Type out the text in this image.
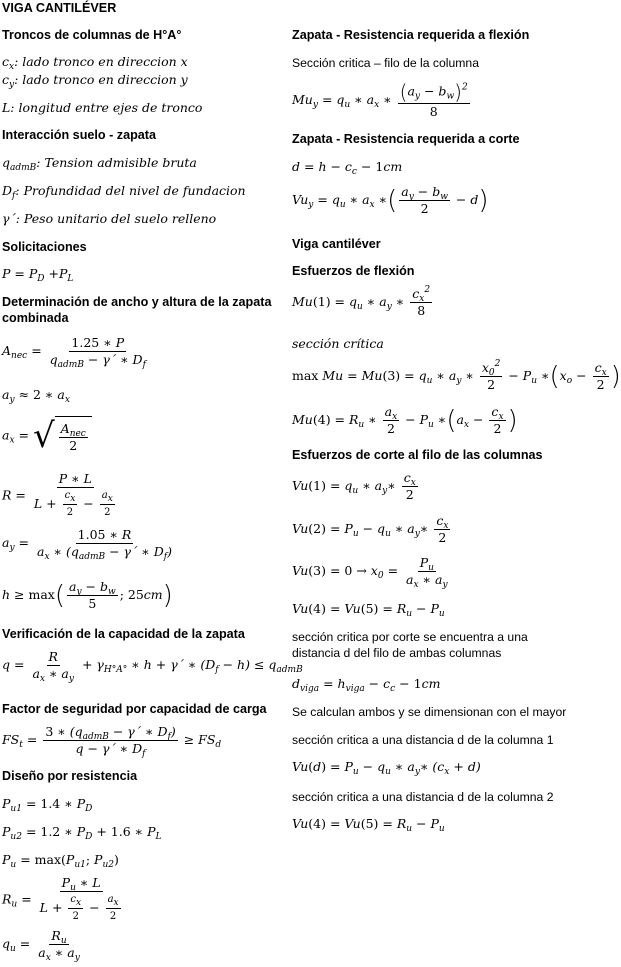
VIGA CANTILÉVER
Troncos de columnas de H°A°
$c_x$: lado tronco en direccion x
$c_y$: lado tronco en direccion y
L: longitud entre ejes de tronco
Interacción suelo - zapata
$q_{admB}$: Tension admisible bruta
$D_f$: Profundidad del nivel de fundacion
γ´: Peso unitario del suelo relleno
Solicitaciones
$P = P_D +P_L$
Determinación de ancho y altura de la zapata combinada
$A_{nec}$ =
1.25 ∗ P
$q_{admB}$ − γ´ ∗ $D_f$
$a_y \approx 2$ ∗ $a_x$
$a_x$ = √ $A_{nec}$
2
$R = \frac{P ∗ L}{L + \frac{c_x}{2} - \frac{a_x}{2}}$
$a_y$ =
1.05 ∗ R
$a_x$ ∗ ($q_{admB}$ − γ´ ∗ $D_f$)
$h \ge \max( \frac{a_y - b_w}{5}$ ; 25cm)
Verificación de la capacidad de la zapata
$q = \frac{R}{a_x ∗ a_y} + \gamma_{H^\circ A^\circ}$ ∗ h + γ´ ∗ $(D_f - h) \le q_{admB}$
Factor de seguridad por capacidad de carga
$FS_t$ =
3 ∗ ($q_{admB}$ − γ´ ∗ $D_f$)
q − γ´ ∗ $D_f$
≥ $FS_d$
Diseño por resistencia
$P_{u1} = 1.4$ ∗ $P_D$
$P_{u2} = 1.2$ ∗ $P_D + 1.6$ ∗ $P_L$
$P_u = \max(P_{u1}$; $P_{u2}$)
$R_u = \frac{P_u ∗ L}{L + \frac{c_x}{2} - \frac{a_x}{2}}$
$q_u = \frac{R_u}{a_x ∗ a_y}$
Zapata - Resistencia requerida a flexión
Sección critica – filo de la columna
$Mu_y = q_u$ ∗ $a_x$ ∗ $\frac{(a_y - b_w)^2}{8}$
Zapata - Resistencia requerida a corte
$d = h - c_c - 1cm$
$Vu_y = q_u$ ∗ $a_x$ ∗( $\frac{a_y - b_w}{2} - d$)
Viga cantiléver
Esfuerzos de flexión
$Mu(1) = q_u$ ∗ $a_y$ ∗ $\frac{c_x^2}{8}$
sección crítica
$\max Mu = Mu(3) = q_u$ ∗ $a_y$ ∗ $\frac{x_0^2}{2} - P_u$ $∗(x_o - \frac{c_x}{2}$ )
$Mu(4) = R_u$ ∗ $\frac{a_x}{2} - P_u$ $∗(a_x - \frac{c_x}{2}$ )
Esfuerzos de corte al filo de las columnas
$Vu(1) = q_u$ ∗ $a_y∗ \frac{c_x}{2}$
$Vu(2) = P_u - q_u$ ∗ $a_y∗ \frac{c_x}{2}$
$Vu(3) = 0 \to x_0 = \frac{P_u}{a_x ∗ a_y}$
$Vu(4) = Vu(5) = R_u - P_u$
sección critica por corte se encuentra a una distancia d del filo de ambas columnas
$d_{viga} = h_{viga} - c_c - 1cm$
Se calculan ambos y se dimensionan con el mayor
sección critica a una distancia d de la columna 1
$Vu(d) = P_u - q_u$ ∗ $a_y∗$ $(c_x + d)$
sección critica a una distancia d de la columna 2
$Vu(4) = Vu(5) = R_u - P_u$
